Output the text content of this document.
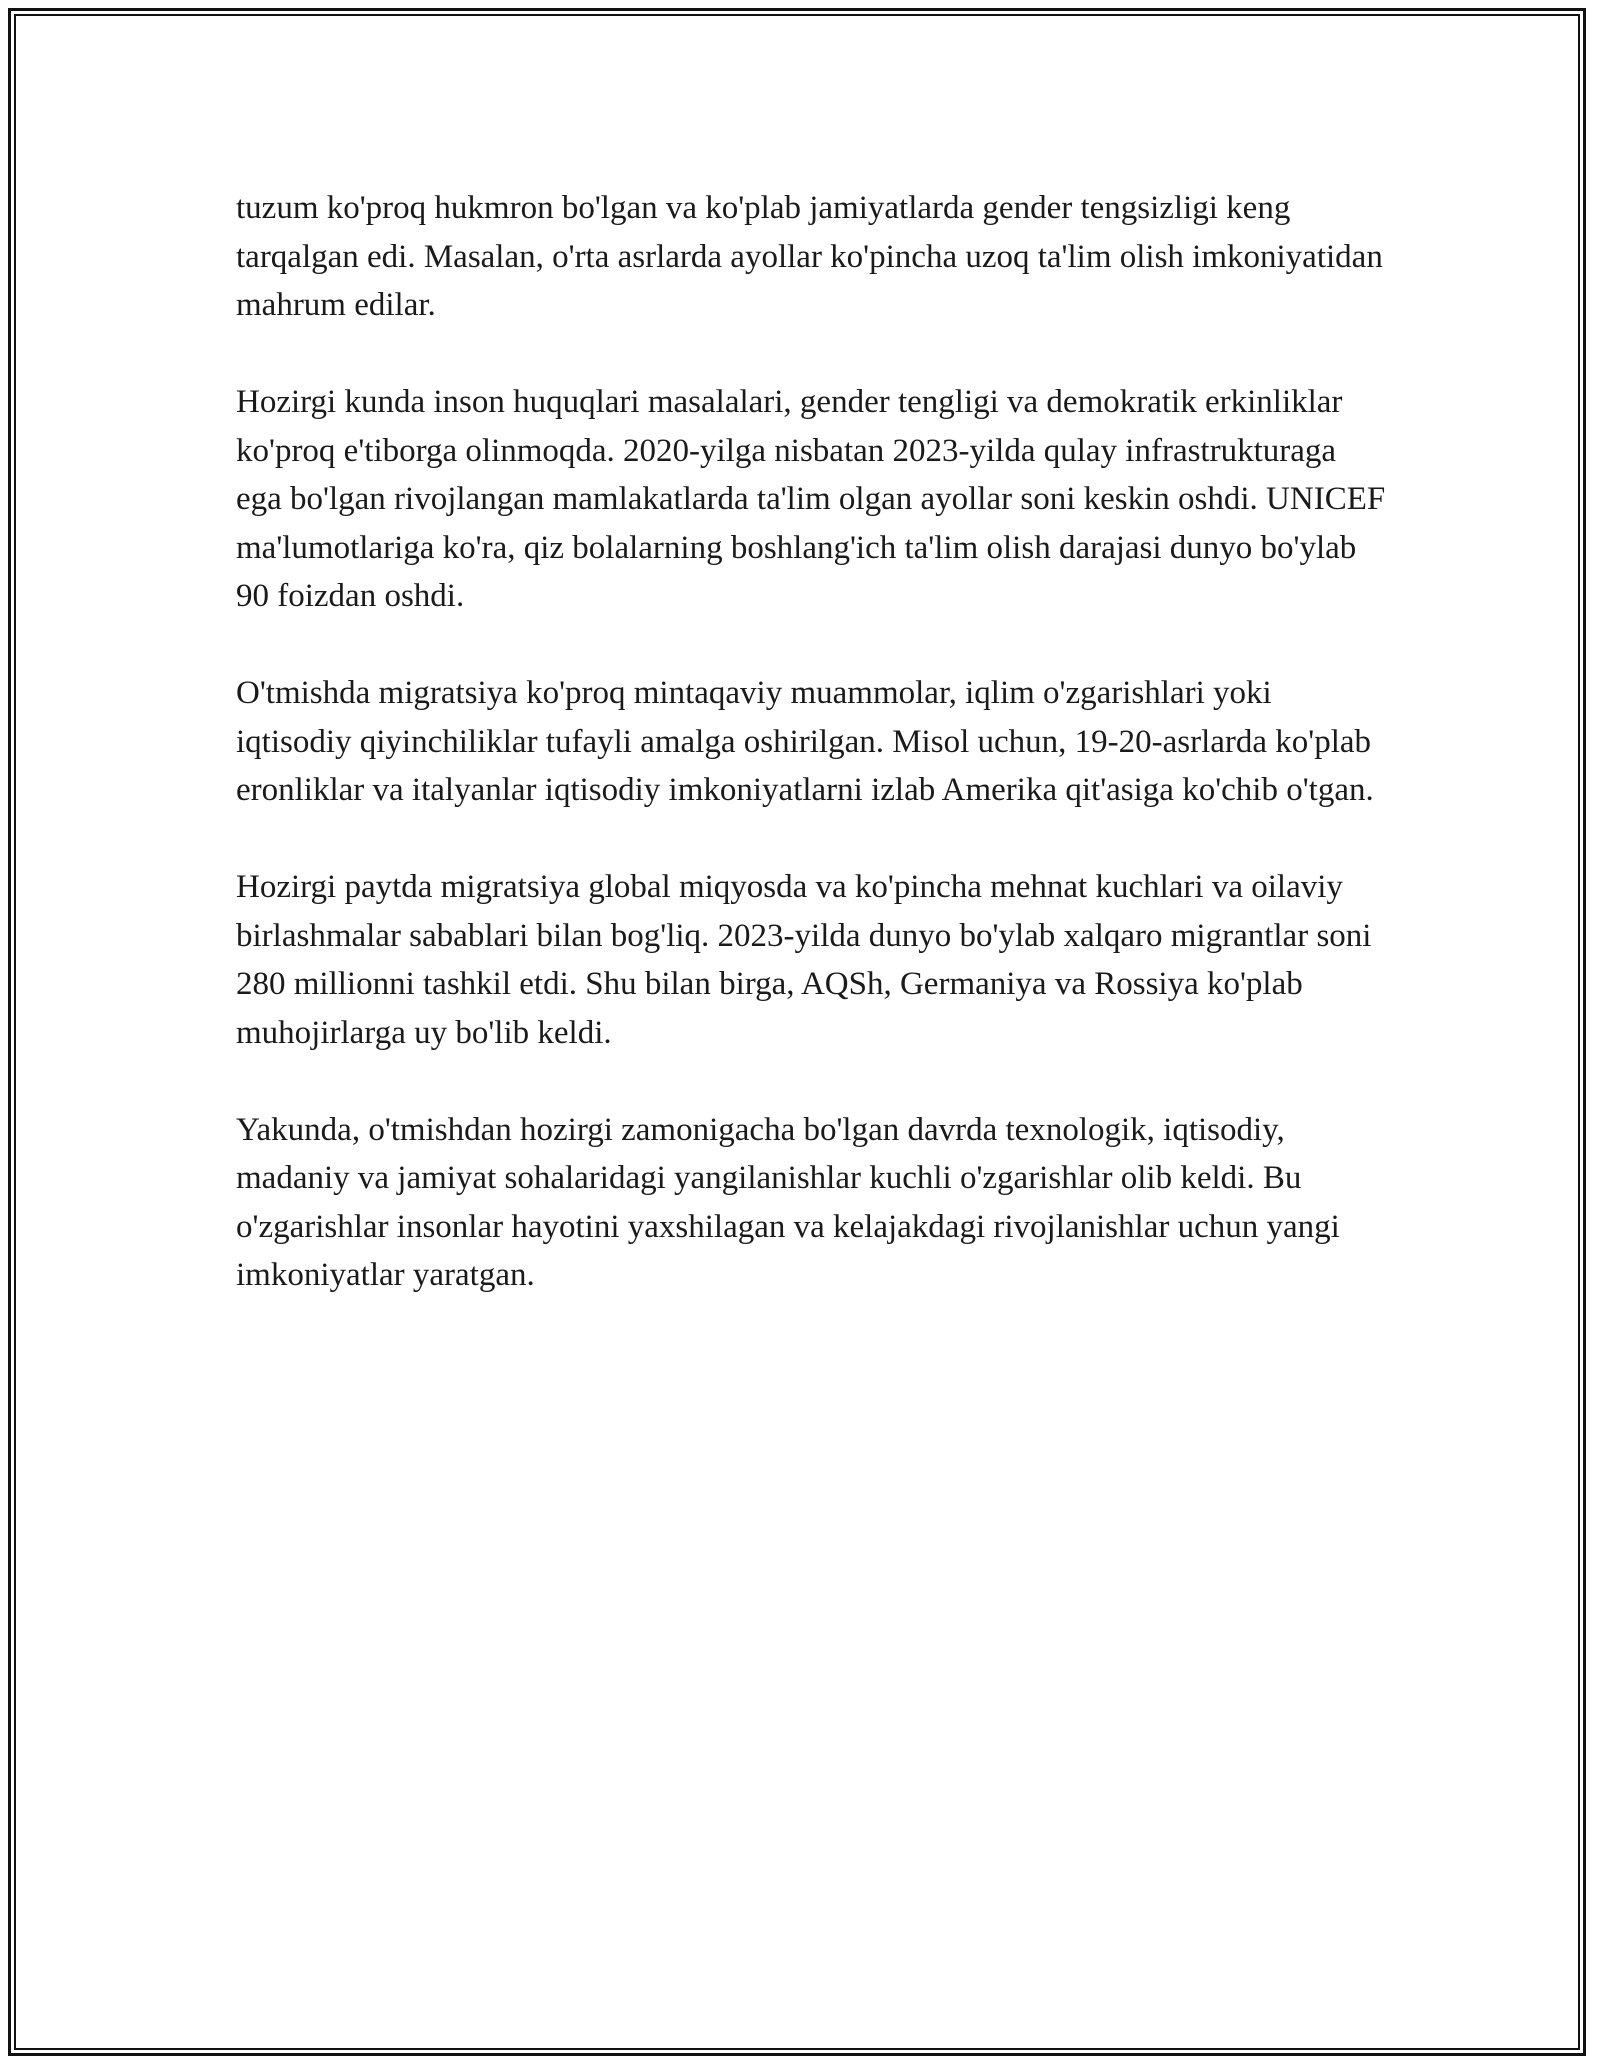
tuzum ko'proq hukmron bo'lgan va ko'plab jamiyatlarda gender tengsizligi keng tarqalgan edi. Masalan, o'rta asrlarda ayollar ko'pincha uzoq ta'lim olish imkoniyatidan mahrum edilar.

Hozirgi kunda inson huquqlari masalalari, gender tengligi va demokratik erkinliklar ko'proq e'tiborga olinmoqda. 2020-yilga nisbatan 2023-yilda qulay infrastrukturaga ega bo'lgan rivojlangan mamlakatlarda ta'lim olgan ayollar soni keskin oshdi. UNICEF ma'lumotlariga ko'ra, qiz bolalarning boshlang'ich ta'lim olish darajasi dunyo bo'ylab 90 foizdan oshdi.

O'tmishda migratsiya ko'proq mintaqaviy muammolar, iqlim o'zgarishlari yoki iqtisodiy qiyinchiliklar tufayli amalga oshirilgan. Misol uchun, 19-20-asrlarda ko'plab eronliklar va italyanlar iqtisodiy imkoniyatlarni izlab Amerika qit'asiga ko'chib o'tgan.

Hozirgi paytda migratsiya global miqyosda va ko'pincha mehnat kuchlari va oilaviy birlashmalar sabablari bilan bog'liq. 2023-yilda dunyo bo'ylab xalqaro migrantlar soni 280 millionni tashkil etdi. Shu bilan birga, AQSh, Germaniya va Rossiya ko'plab muhojirlarga uy bo'lib keldi.

Yakunda, o'tmishdan hozirgi zamonigacha bo'lgan davrda texnologik, iqtisodiy, madaniy va jamiyat sohalaridagi yangilanishlar kuchli o'zgarishlar olib keldi. Bu o'zgarishlar insonlar hayotini yaxshilagan va kelajakdagi rivojlanishlar uchun yangi imkoniyatlar yaratgan.
